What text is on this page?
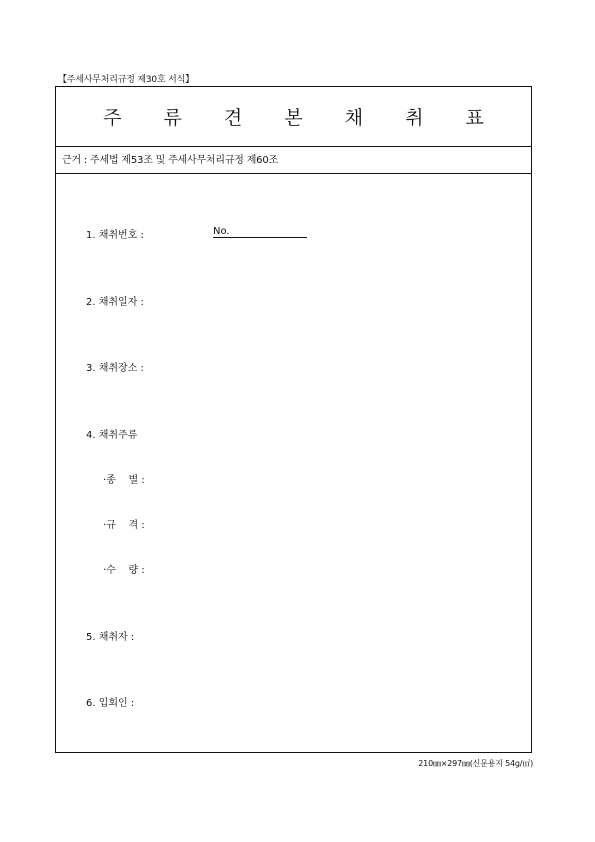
【주세사무처리규정 제30호 서식】
주 류 견 본 채 취 표
근거 : 주세법 제53조 및 주세사무처리규정 제60조
1. 채취번호 :	No.
2. 채취일자 :
3. 채취장소 :
4. 채취주류
·종    별 :
·규    격 :
·수    량 :
5. 채취자 :
6. 입회인 :
210㎜×297㎜(신문용지 54g/㎡)
